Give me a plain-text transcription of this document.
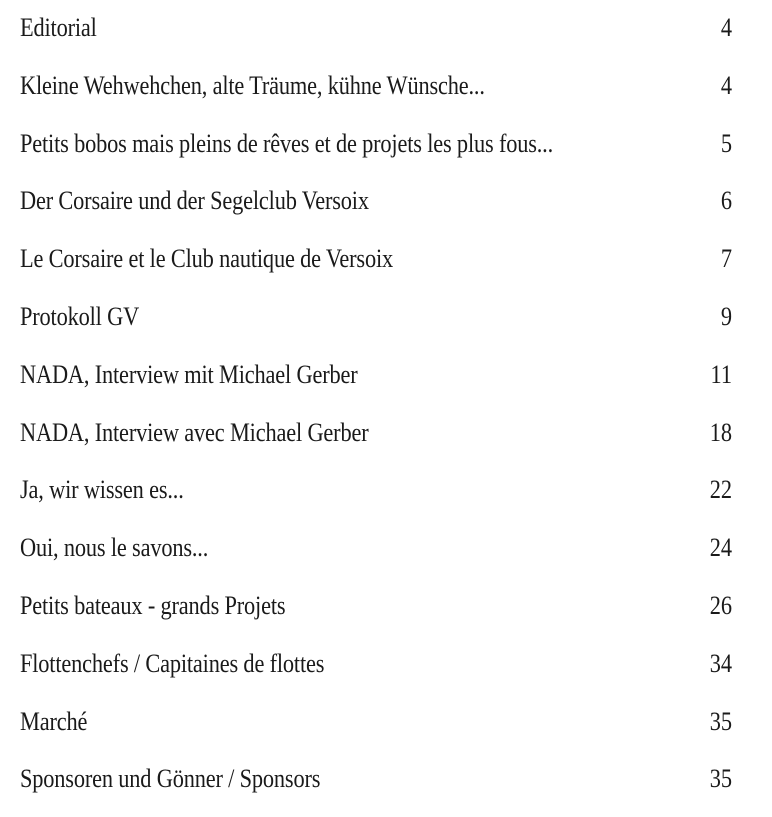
Editorial	4
Kleine Wehwehchen, alte Träume, kühne Wünsche...	4
Petits bobos mais pleins de rêves et de projets les plus fous...	5
Der Corsaire und der Segelclub Versoix	6
Le Corsaire et le Club nautique de Versoix	7
Protokoll GV	9
NADA, Interview mit Michael Gerber	11
NADA, Interview avec Michael Gerber	18
Ja, wir wissen es...	22
Oui, nous le savons...	24
Petits bateaux - grands Projets	26
Flottenchefs / Capitaines de flottes	34
Marché	35
Sponsoren und Gönner / Sponsors	35
